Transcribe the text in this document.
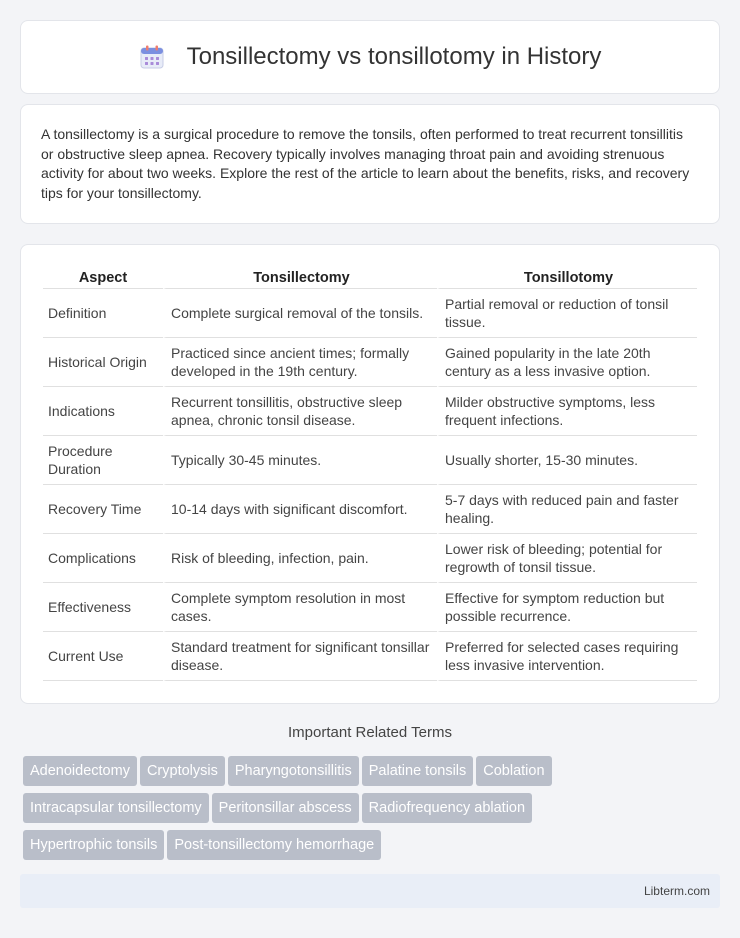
Tonsillectomy vs tonsillotomy in History

A tonsillectomy is a surgical procedure to remove the tonsils, often performed to treat recurrent tonsillitis or obstructive sleep apnea. Recovery typically involves managing throat pain and avoiding strenuous activity for about two weeks. Explore the rest of the article to learn about the benefits, risks, and recovery tips for your tonsillectomy.

Aspect	Tonsillectomy	Tonsillotomy
Definition	Complete surgical removal of the tonsils.	Partial removal or reduction of tonsil tissue.
Historical Origin	Practiced since ancient times; formally developed in the 19th century.	Gained popularity in the late 20th century as a less invasive option.
Indications	Recurrent tonsillitis, obstructive sleep apnea, chronic tonsil disease.	Milder obstructive symptoms, less frequent infections.
Procedure Duration	Typically 30-45 minutes.	Usually shorter, 15-30 minutes.
Recovery Time	10-14 days with significant discomfort.	5-7 days with reduced pain and faster healing.
Complications	Risk of bleeding, infection, pain.	Lower risk of bleeding; potential for regrowth of tonsil tissue.
Effectiveness	Complete symptom resolution in most cases.	Effective for symptom reduction but possible recurrence.
Current Use	Standard treatment for significant tonsillar disease.	Preferred for selected cases requiring less invasive intervention.
Important Related Terms
Adenoidectomy Cryptolysis Pharyngotonsillitis Palatine tonsils Coblation
Intracapsular tonsillectomy Peritonsillar abscess Radiofrequency ablation
Hypertrophic tonsils Post-tonsillectomy hemorrhage
Libterm.com
